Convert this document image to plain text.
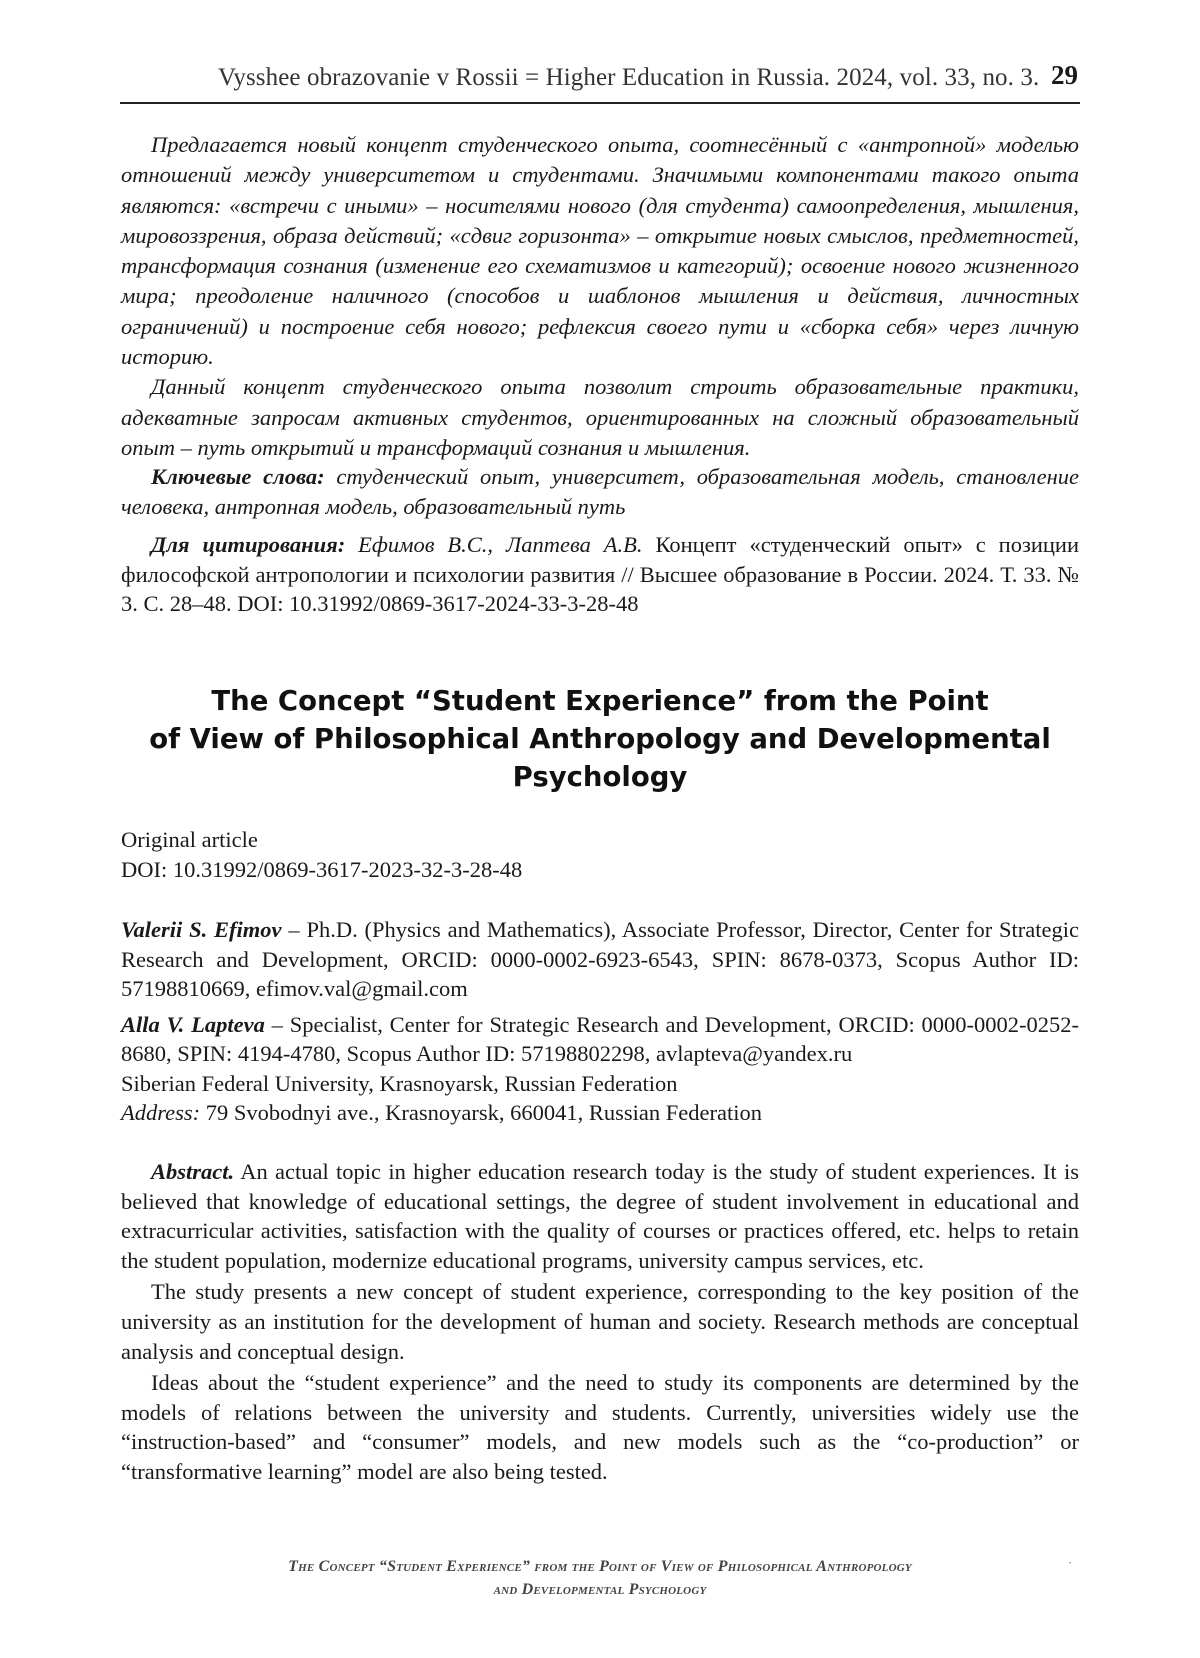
Vysshee obrazovanie v Rossii = Higher Education in Russia. 2024, vol. 33, no. 3. 29

Предлагается новый концепт студенческого опыта, соотнесённый с «антропной» моделью отношений между университетом и студентами. Значимыми компонентами такого опыта являются: «встречи с иными» – носителями нового (для студента) самоопределения, мышления, мировоззрения, образа действий; «сдвиг горизонта» – открытие новых смыслов, предметностей, трансформация сознания (изменение его схематизмов и категорий); освоение нового жизненного мира; преодоление наличного (способов и шаблонов мышления и действия, личностных ограничений) и построение себя нового; рефлексия своего пути и «сборка себя» через личную историю.

Данный концепт студенческого опыта позволит строить образовательные практики, адекватные запросам активных студентов, ориентированных на сложный образовательный опыт – путь открытий и трансформаций сознания и мышления.

Ключевые слова: студенческий опыт, университет, образовательная модель, становление человека, антропная модель, образовательный путь

Для цитирования: Ефимов В.С., Лаптева А.В. Концепт «студенческий опыт» с позиции философской антропологии и психологии развития // Высшее образование в России. 2024. Т. 33. № 3. С. 28–48. DOI: 10.31992/0869-3617-2024-33-3-28-48

The Concept “Student Experience” from the Point
of View of Philosophical Anthropology and Developmental
Psychology
Original article
DOI: 10.31992/0869-3617-2023-32-3-28-48

Valerii S. Efimov – Ph.D. (Physics and Mathematics), Associate Professor, Director, Center for Strategic Research and Development, ORCID: 0000-0002-6923-6543, SPIN: 8678-0373, Scopus Author ID: 57198810669, efimov.val@gmail.com

Alla V. Lapteva – Specialist, Center for Strategic Research and Development, ORCID: 0000-0002-0252-8680, SPIN: 4194-4780, Scopus Author ID: 57198802298, avlapteva@yandex.ru

Siberian Federal University, Krasnoyarsk, Russian Federation
Address: 79 Svobodnyi ave., Krasnoyarsk, 660041, Russian Federation

Abstract. An actual topic in higher education research today is the study of student experiences. It is believed that knowledge of educational settings, the degree of student involvement in educational and extracurricular activities, satisfaction with the quality of courses or practices offered, etc. helps to retain the student population, modernize educational programs, university campus services, etc.

The study presents a new concept of student experience, corresponding to the key position of the university as an institution for the development of human and society. Research methods are conceptual analysis and conceptual design.

Ideas about the “student experience” and the need to study its components are determined by the models of relations between the university and students. Currently, universities widely use the “instruction-based” and “consumer” models, and new models such as the “co-production” or “transformative learning” model are also being tested.

The Concept “Student Experience” from the Point of View of Philosophical Anthropology
and Developmental Psychology
·
